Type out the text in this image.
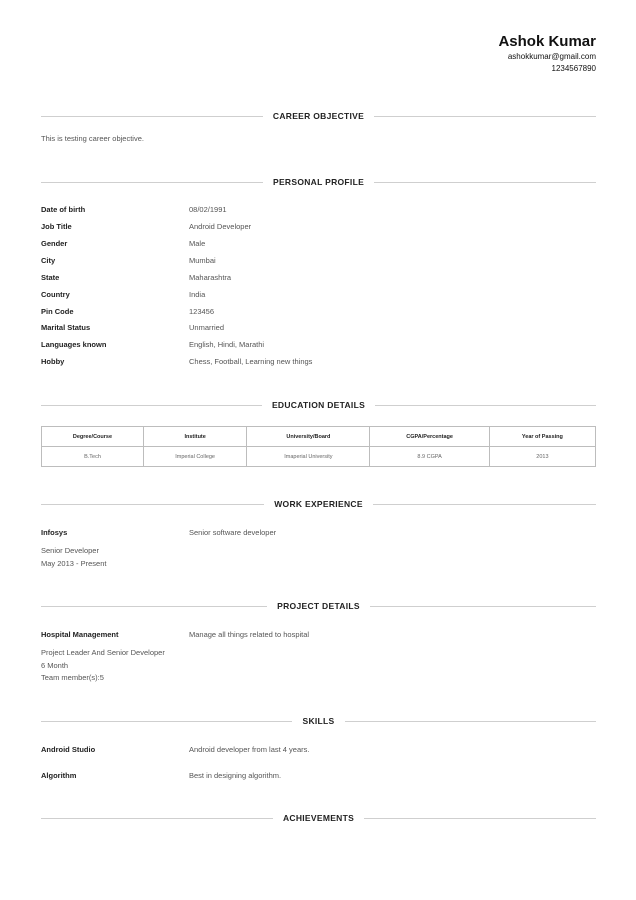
Ashok Kumar
ashokkumar@gmail.com
1234567890
CAREER OBJECTIVE
This is testing career objective.
PERSONAL PROFILE
Date of birth	08/02/1991
Job Title	Android Developer
Gender	Male
City	Mumbai
State	Maharashtra
Country	India
Pin Code	123456
Marital Status	Unmarried
Languages known	English, Hindi, Marathi
Hobby	Chess, Football, Learning new things
EDUCATION DETAILS
Degree/Course	Institute	University/Board	CGPA/Percentage	Year of Passing
B.Tech	Imperial College	Imaperial University	8.9 CGPA	2013
WORK EXPERIENCE
Infosys	Senior software developer
Senior Developer
May 2013 - Present
PROJECT DETAILS
Hospital Management	Manage all things related to hospital
Project Leader And Senior Developer
6 Month
Team member(s):5
SKILLS
Android Studio	Android developer from last 4 years.
Algorithm	Best in designing algorithm.
ACHIEVEMENTS
